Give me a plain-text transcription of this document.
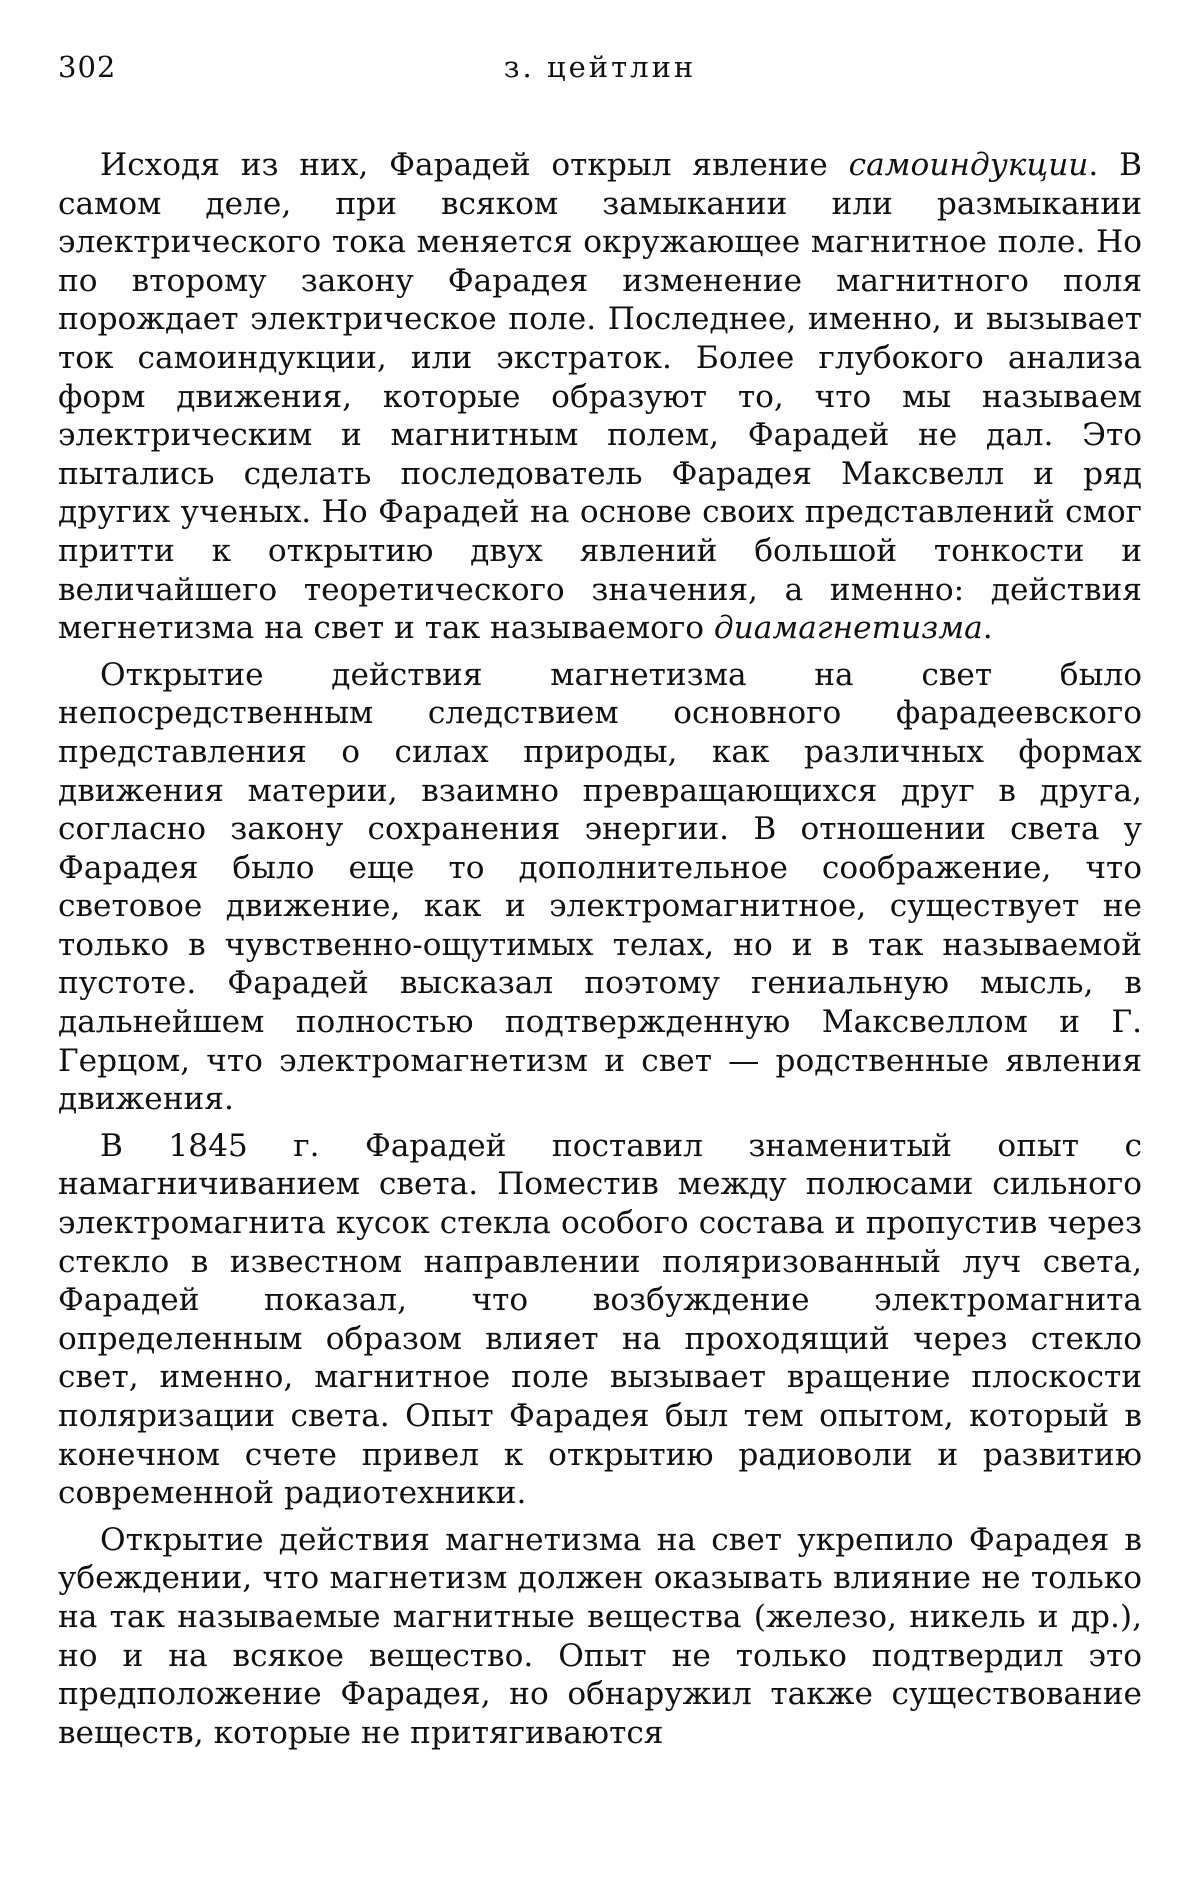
302	з. цейтлин

Исходя из них, Фарадей открыл явление самоиндукции. В самом деле, при всяком замыкании или размыкании электрического тока меняется окружающее магнитное поле. Но по второму закону Фарадея изменение магнитного поля порождает электрическое поле. Последнее, именно, и вызывает ток самоиндукции, или экстраток. Более глубокого анализа форм движения, которые образуют то, что мы называем электрическим и магнитным полем, Фарадей не дал. Это пытались сделать последователь Фарадея Максвелл и ряд других ученых. Но Фарадей на основе своих представлений смог притти к открытию двух явлений большой тонкости и величайшего теоретического значения, а именно: действия мегнетизма на свет и так называемого диамагнетизма.

Открытие действия магнетизма на свет было непосредственным следствием основного фарадеевского представления о силах природы, как различных формах движения материи, взаимно превращающихся друг в друга, согласно закону сохранения энергии. В отношении света у Фарадея было еще то дополнительное соображение, что световое движение, как и электромагнитное, существует не только в чувственно-ощутимых телах, но и в так называемой пустоте. Фарадей высказал поэтому гениальную мысль, в дальнейшем полностью подтвержденную Максвеллом и Г. Герцом, что электромагнетизм и свет — родственные явления движения.

В 1845 г. Фарадей поставил знаменитый опыт с намагничиванием света. Поместив между полюсами сильного электромагнита кусок стекла особого состава и пропустив через стекло в известном направлении поляризованный луч света, Фарадей показал, что возбуждение электромагнита определенным образом влияет на проходящий через стекло свет, именно, магнитное поле вызывает вращение плоскости поляризации света. Опыт Фарадея был тем опытом, который в конечном счете привел к открытию радиоволи и развитию современной радиотехники.

Открытие действия магнетизма на свет укрепило Фарадея в убеждении, что магнетизм должен оказывать влияние не только на так называемые магнитные вещества (железо, никель и др.), но и на всякое вещество. Опыт не только подтвердил это предположение Фарадея, но обнаружил также существование веществ, которые не притягиваются
